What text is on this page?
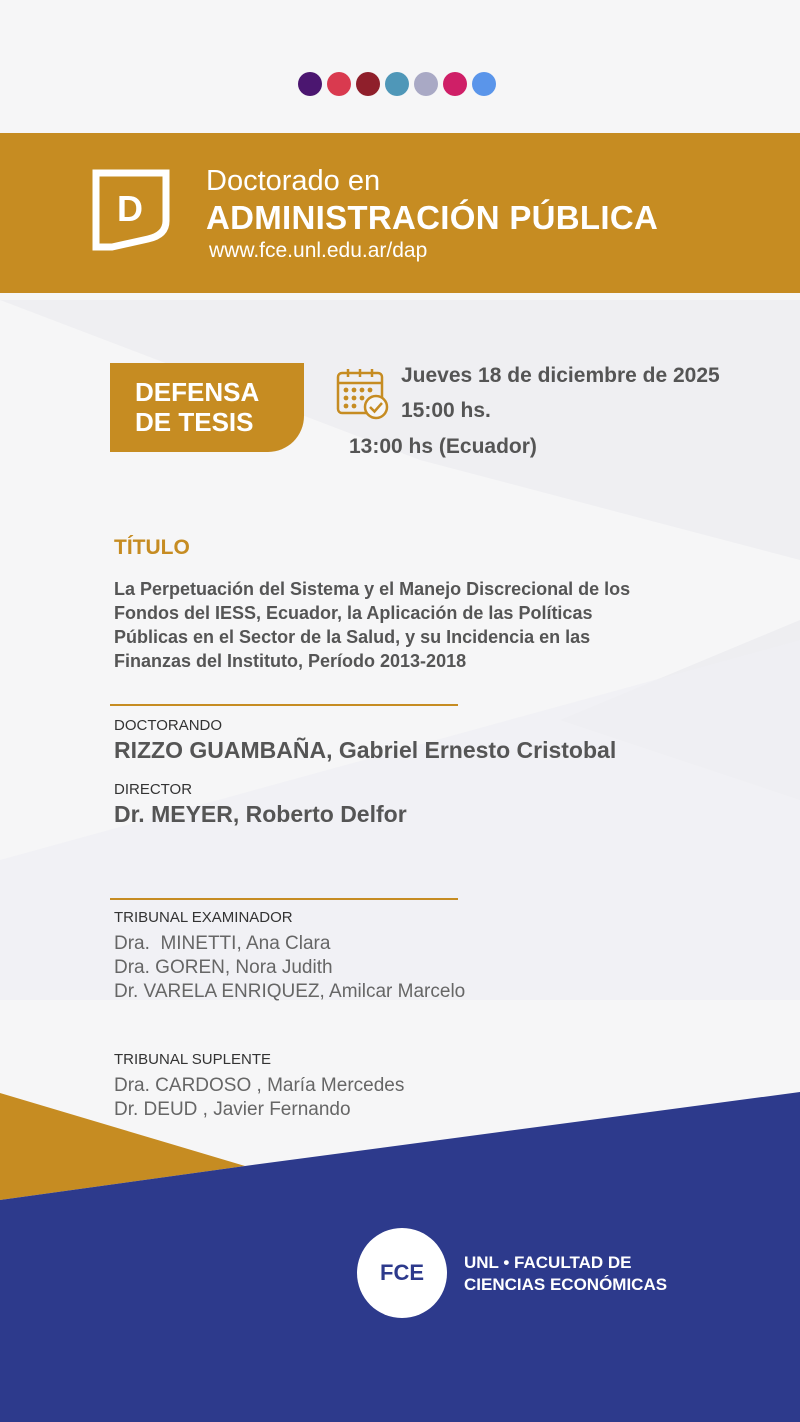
D
Doctorado en
ADMINISTRACIÓN PÚBLICA
www.fce.unl.edu.ar/dap
DEFENSA
DE TESIS
Jueves 18 de diciembre de 2025
15:00 hs.
13:00 hs (Ecuador)
TÍTULO
La Perpetuación del Sistema y el Manejo Discrecional de los
Fondos del IESS, Ecuador, la Aplicación de las Políticas
Públicas en el Sector de la Salud, y su Incidencia en las
Finanzas del Instituto, Período 2013-2018
DOCTORANDO
RIZZO GUAMBAÑA, Gabriel Ernesto Cristobal
DIRECTOR
Dr. MEYER, Roberto Delfor
TRIBUNAL EXAMINADOR
Dra.  MINETTI, Ana Clara
Dra. GOREN, Nora Judith
Dr. VARELA ENRIQUEZ, Amilcar Marcelo
TRIBUNAL SUPLENTE
Dra. CARDOSO , María Mercedes
Dr. DEUD , Javier Fernando
FCE	UNL • FACULTAD DE
CIENCIAS ECONÓMICAS
